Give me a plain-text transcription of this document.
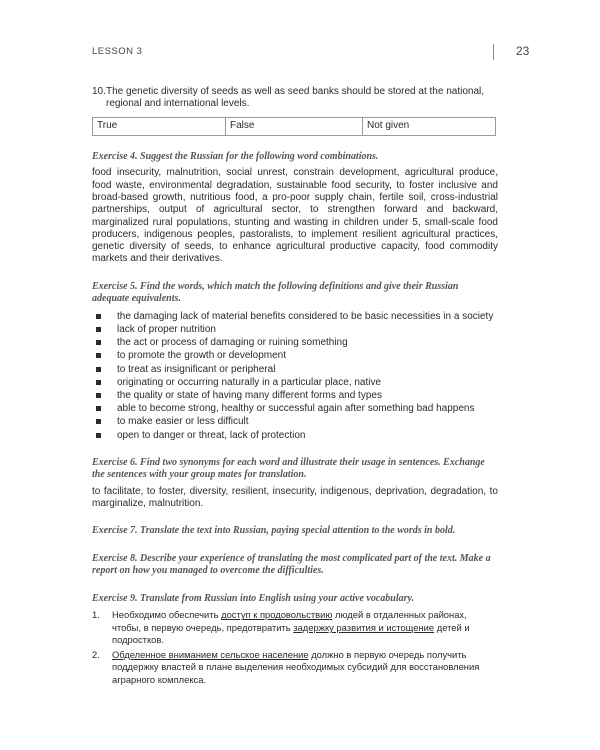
LESSON 3	23
10. The genetic diversity of seeds as well as seed banks should be stored at the national, regional and international levels.
True	False	Not given
Exercise 4. Suggest the Russian for the following word combinations.
food insecurity, malnutrition, social unrest, constrain development, agricultural produce, food waste, environmental degradation, sustainable food security, to foster inclusive and broad-based growth, nutritious food, a pro-poor supply chain, fertile soil, cross-industrial partnerships, output of agricultural sector, to strengthen forward and backward, marginalized rural populations, stunting and wasting in children under 5, small-scale food producers, indigenous peoples, pastoralists, to implement resilient agricultural practices, genetic diversity of seeds, to enhance agricultural productive capacity, food commodity markets and their derivatives.
Exercise 5. Find the words, which match the following definitions and give their Russian adequate equivalents.
the damaging lack of material benefits considered to be basic necessities in a society
lack of proper nutrition
the act or process of damaging or ruining something
to promote the growth or development
to treat as insignificant or peripheral
originating or occurring naturally in a particular place, native
the quality or state of having many different forms and types
able to become strong, healthy or successful again after something bad happens
to make easier or less difficult
open to danger or threat, lack of protection
Exercise 6. Find two synonyms for each word and illustrate their usage in sentences. Exchange the sentences with your group mates for translation.
to facilitate, to foster, diversity, resilient, insecurity, indigenous, deprivation, degradation, to marginalize, malnutrition.
Exercise 7. Translate the text into Russian, paying special attention to the words in bold.
Exercise 8. Describe your experience of translating the most complicated part of the text. Make a report on how you managed to overcome the difficulties.
Exercise 9. Translate from Russian into English using your active vocabulary.
1.	Необходимо обеспечить доступ к продовольствию людей в отдаленных районах, чтобы, в первую очередь, предотвратить задержку развития и истощение детей и подростков.
2.	Обделенное вниманием сельское население должно в первую очередь получить поддержку властей в плане выделения необходимых субсидий для восстановления аграрного комплекса.
